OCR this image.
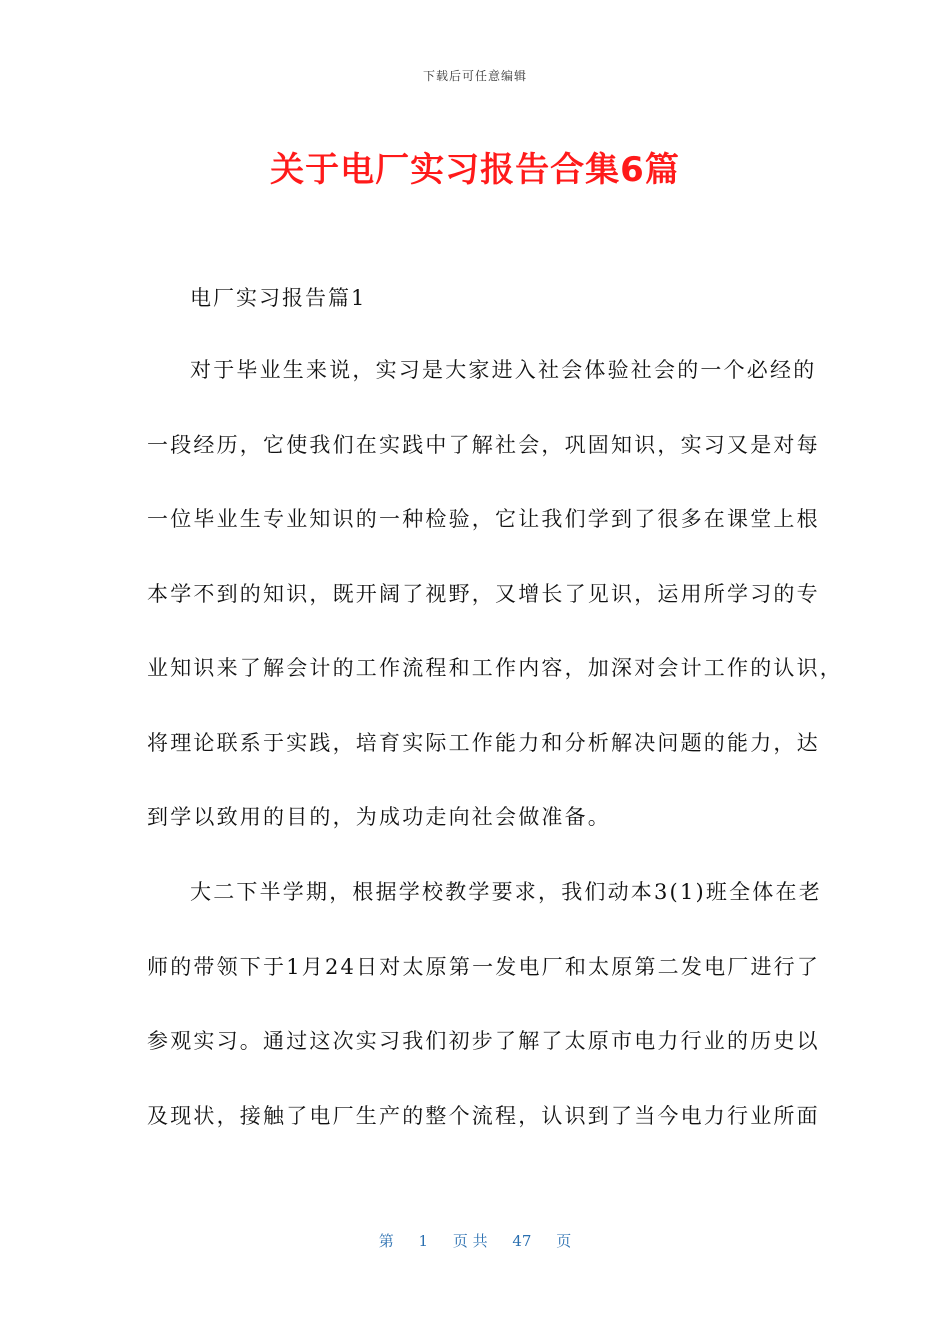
下载后可任意编辑
关于电厂实习报告合集6篇
电厂实习报告篇1
对于毕业生来说，实习是大家进入社会体验社会的一个必经的
一段经历，它使我们在实践中了解社会，巩固知识，实习又是对每
一位毕业生专业知识的一种检验，它让我们学到了很多在课堂上根
本学不到的知识，既开阔了视野，又增长了见识，运用所学习的专
业知识来了解会计的工作流程和工作内容，加深对会计工作的认识，
将理论联系于实践，培育实际工作能力和分析解决问题的能力，达
到学以致用的目的，为成功走向社会做准备。
大二下半学期，根据学校教学要求，我们动本3(1)班全体在老
师的带领下于1月24日对太原第一发电厂和太原第二发电厂进行了
参观实习。通过这次实习我们初步了解了太原市电力行业的历史以
及现状，接触了电厂生产的整个流程，认识到了当今电力行业所面
第 1 页 共 47 页
